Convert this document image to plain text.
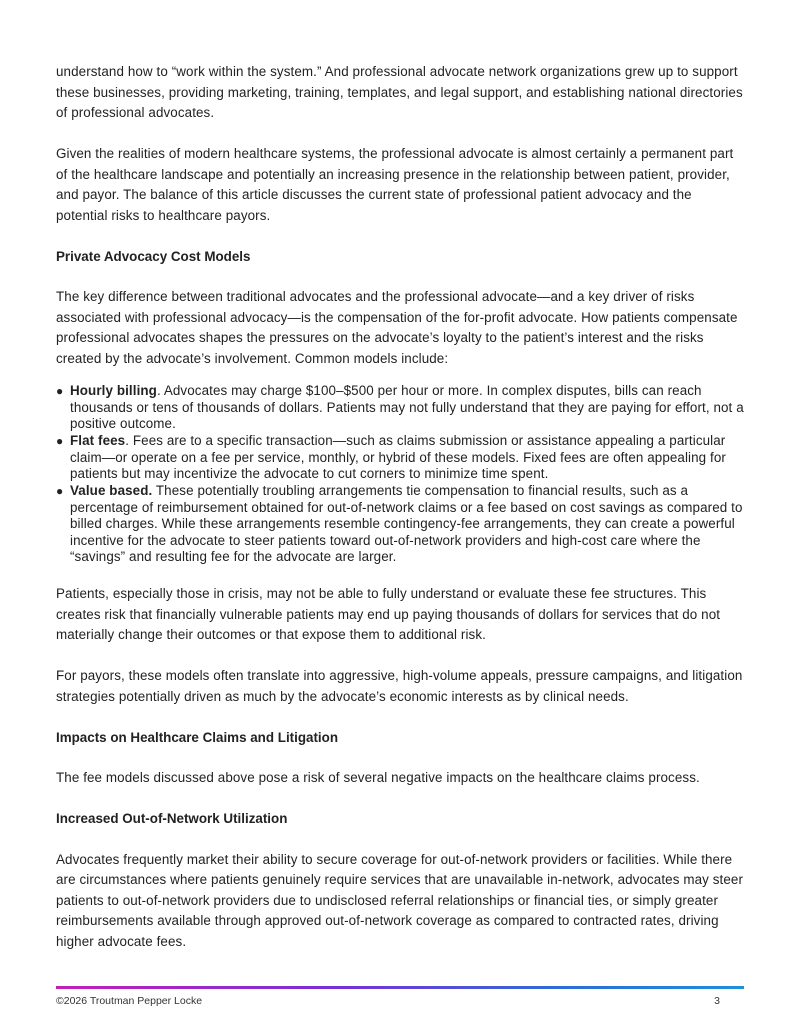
understand how to “work within the system.” And professional advocate network organizations grew up to support these businesses, providing marketing, training, templates, and legal support, and establishing national directories of professional advocates.

Given the realities of modern healthcare systems, the professional advocate is almost certainly a permanent part of the healthcare landscape and potentially an increasing presence in the relationship between patient, provider, and payor. The balance of this article discusses the current state of professional patient advocacy and the potential risks to healthcare payors.

Private Advocacy Cost Models

The key difference between traditional advocates and the professional advocate—and a key driver of risks associated with professional advocacy—is the compensation of the for-profit advocate. How patients compensate professional advocates shapes the pressures on the advocate’s loyalty to the patient’s interest and the risks created by the advocate’s involvement. Common models include:

● Hourly billing. Advocates may charge $100–$500 per hour or more. In complex disputes, bills can reach thousands or tens of thousands of dollars. Patients may not fully understand that they are paying for effort, not a positive outcome.
● Flat fees. Fees are to a specific transaction—such as claims submission or assistance appealing a particular claim—or operate on a fee per service, monthly, or hybrid of these models. Fixed fees are often appealing for patients but may incentivize the advocate to cut corners to minimize time spent.
● Value based. These potentially troubling arrangements tie compensation to financial results, such as a percentage of reimbursement obtained for out-of-network claims or a fee based on cost savings as compared to billed charges. While these arrangements resemble contingency-fee arrangements, they can create a powerful incentive for the advocate to steer patients toward out-of-network providers and high-cost care where the “savings” and resulting fee for the advocate are larger.

Patients, especially those in crisis, may not be able to fully understand or evaluate these fee structures. This creates risk that financially vulnerable patients may end up paying thousands of dollars for services that do not materially change their outcomes or that expose them to additional risk.

For payors, these models often translate into aggressive, high-volume appeals, pressure campaigns, and litigation strategies potentially driven as much by the advocate’s economic interests as by clinical needs.

Impacts on Healthcare Claims and Litigation

The fee models discussed above pose a risk of several negative impacts on the healthcare claims process.

Increased Out-of-Network Utilization

Advocates frequently market their ability to secure coverage for out-of-network providers or facilities. While there are circumstances where patients genuinely require services that are unavailable in-network, advocates may steer patients to out-of-network providers due to undisclosed referral relationships or financial ties, or simply greater reimbursements available through approved out-of-network coverage as compared to contracted rates, driving higher advocate fees.

©2026 Troutman Pepper Locke	3
